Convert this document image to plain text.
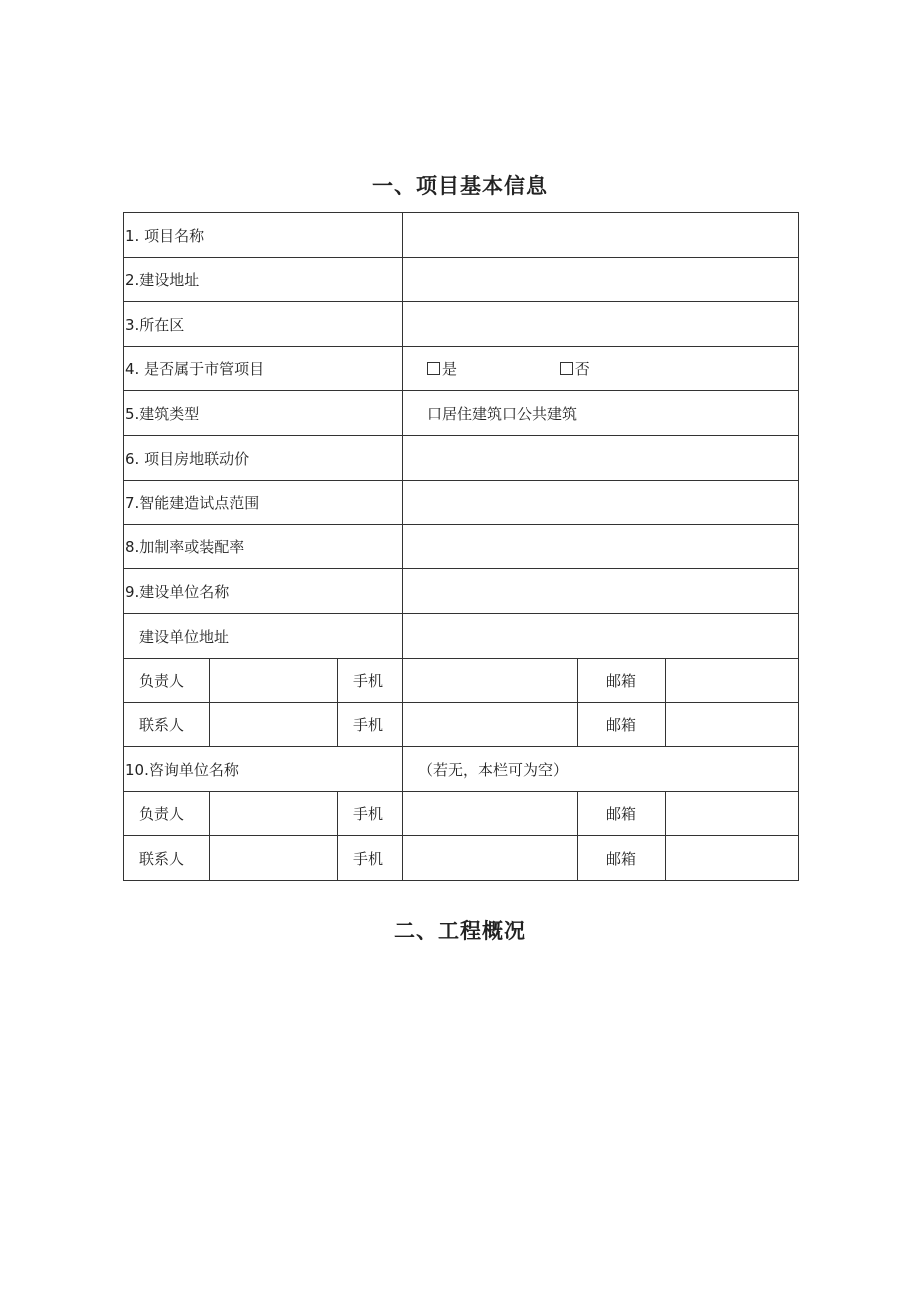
一、项目基本信息
1. 项目名称					
2.建设地址					
3.所在区					
4. 是否属于市管项目			是 否		
5.建筑类型			口居住建筑口公共建筑		
6. 项目房地联动价					
7.智能建造试点范围					
8.加制率或装配率					
9.建设单位名称					
建设单位地址					
负责人		手机		邮箱	
联系人		手机		邮箱	
10.咨询单位名称			（若无，本栏可为空）		
负责人		手机		邮箱	
联系人		手机		邮箱	
二、工程概况
